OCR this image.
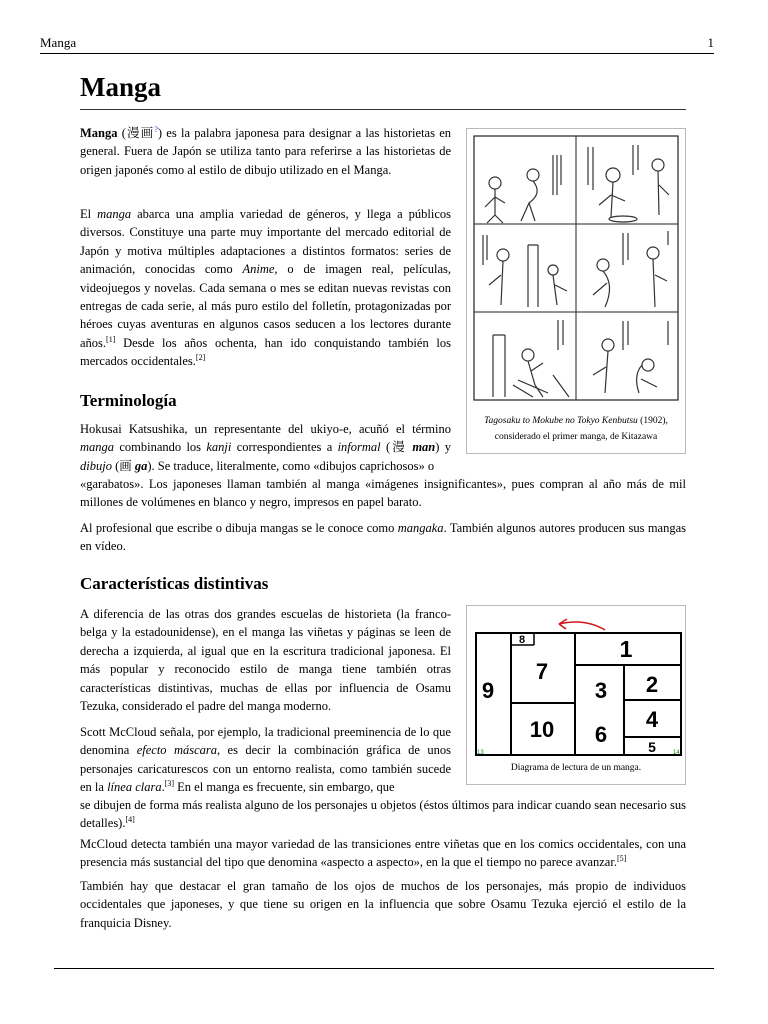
Manga	1
Manga

Manga (漫画?) es la palabra japonesa para designar a las historietas en general. Fuera de Japón se utiliza tanto para referirse a las historietas de origen japonés como al estilo de dibujo utilizado en el Manga.

El manga abarca una amplia variedad de géneros, y llega a públicos diversos. Constituye una parte muy importante del mercado editorial de Japón y motiva múltiples adaptaciones a distintos formatos: series de animación, conocidas como Anime, o de imagen real, películas, videojuegos y novelas. Cada semana o mes se editan nuevas revistas con entregas de cada serie, al más puro estilo del folletín, protagonizadas por héroes cuyas aventuras en algunos casos seducen a los lectores durante años.[1] Desde los años ochenta, han ido conquistando también los mercados occidentales.[2]

Tagosaku to Mokube no Tokyo Kenbutsu (1902),
considerado el primer manga, de Kitazawa
Terminología

Hokusai Katsushika, un representante del ukiyo-e, acuñó el término manga combinando los kanji correspondientes a informal (漫 man) y dibujo (画 ga). Se traduce, literalmente, como «dibujos caprichosos» o

«garabatos». Los japoneses llaman también al manga «imágenes insignificantes», pues compran al año más de mil millones de volúmenes en blanco y negro, impresos en papel barato.

Al profesional que escribe o dibuja mangas se le conoce como mangaka. También algunos autores producen sus mangas en vídeo.

Características distintivas

A diferencia de las otras dos grandes escuelas de historieta (la franco-belga y la estadounidense), en el manga las viñetas y páginas se leen de derecha a izquierda, al igual que en la escritura tradicional japonesa. El más popular y reconocido estilo de manga tiene también otras características distintivas, muchas de ellas por influencia de Osamu Tezuka, considerado el padre del manga moderno.

Scott McCloud señala, por ejemplo, la tradicional preeminencia de lo que denomina efecto máscara, es decir la combinación gráfica de unos personajes caricaturescos con un entorno realista, como también sucede en la línea clara.[3] En el manga es frecuente, sin embargo, que

se dibujen de forma más realista alguno de los personajes u objetos (éstos últimos para indicar cuando sean necesario sus detalles).[4]

McCloud detecta también una mayor variedad de las transiciones entre viñetas que en los comics occidentales, con una presencia más sustancial del tipo que denomina «aspecto a aspecto», en la que el tiempo no parece avanzar.[5]

También hay que destacar el gran tamaño de los ojos de muchos de los personajes, más propio de individuos occidentales que japoneses, y que tiene su origen en la influencia que sobre Osamu Tezuka ejerció el estilo de la franquicia Disney.

1
2
3
4
5
6
7
8
9
10
13	14
Diagrama de lectura de un manga.
